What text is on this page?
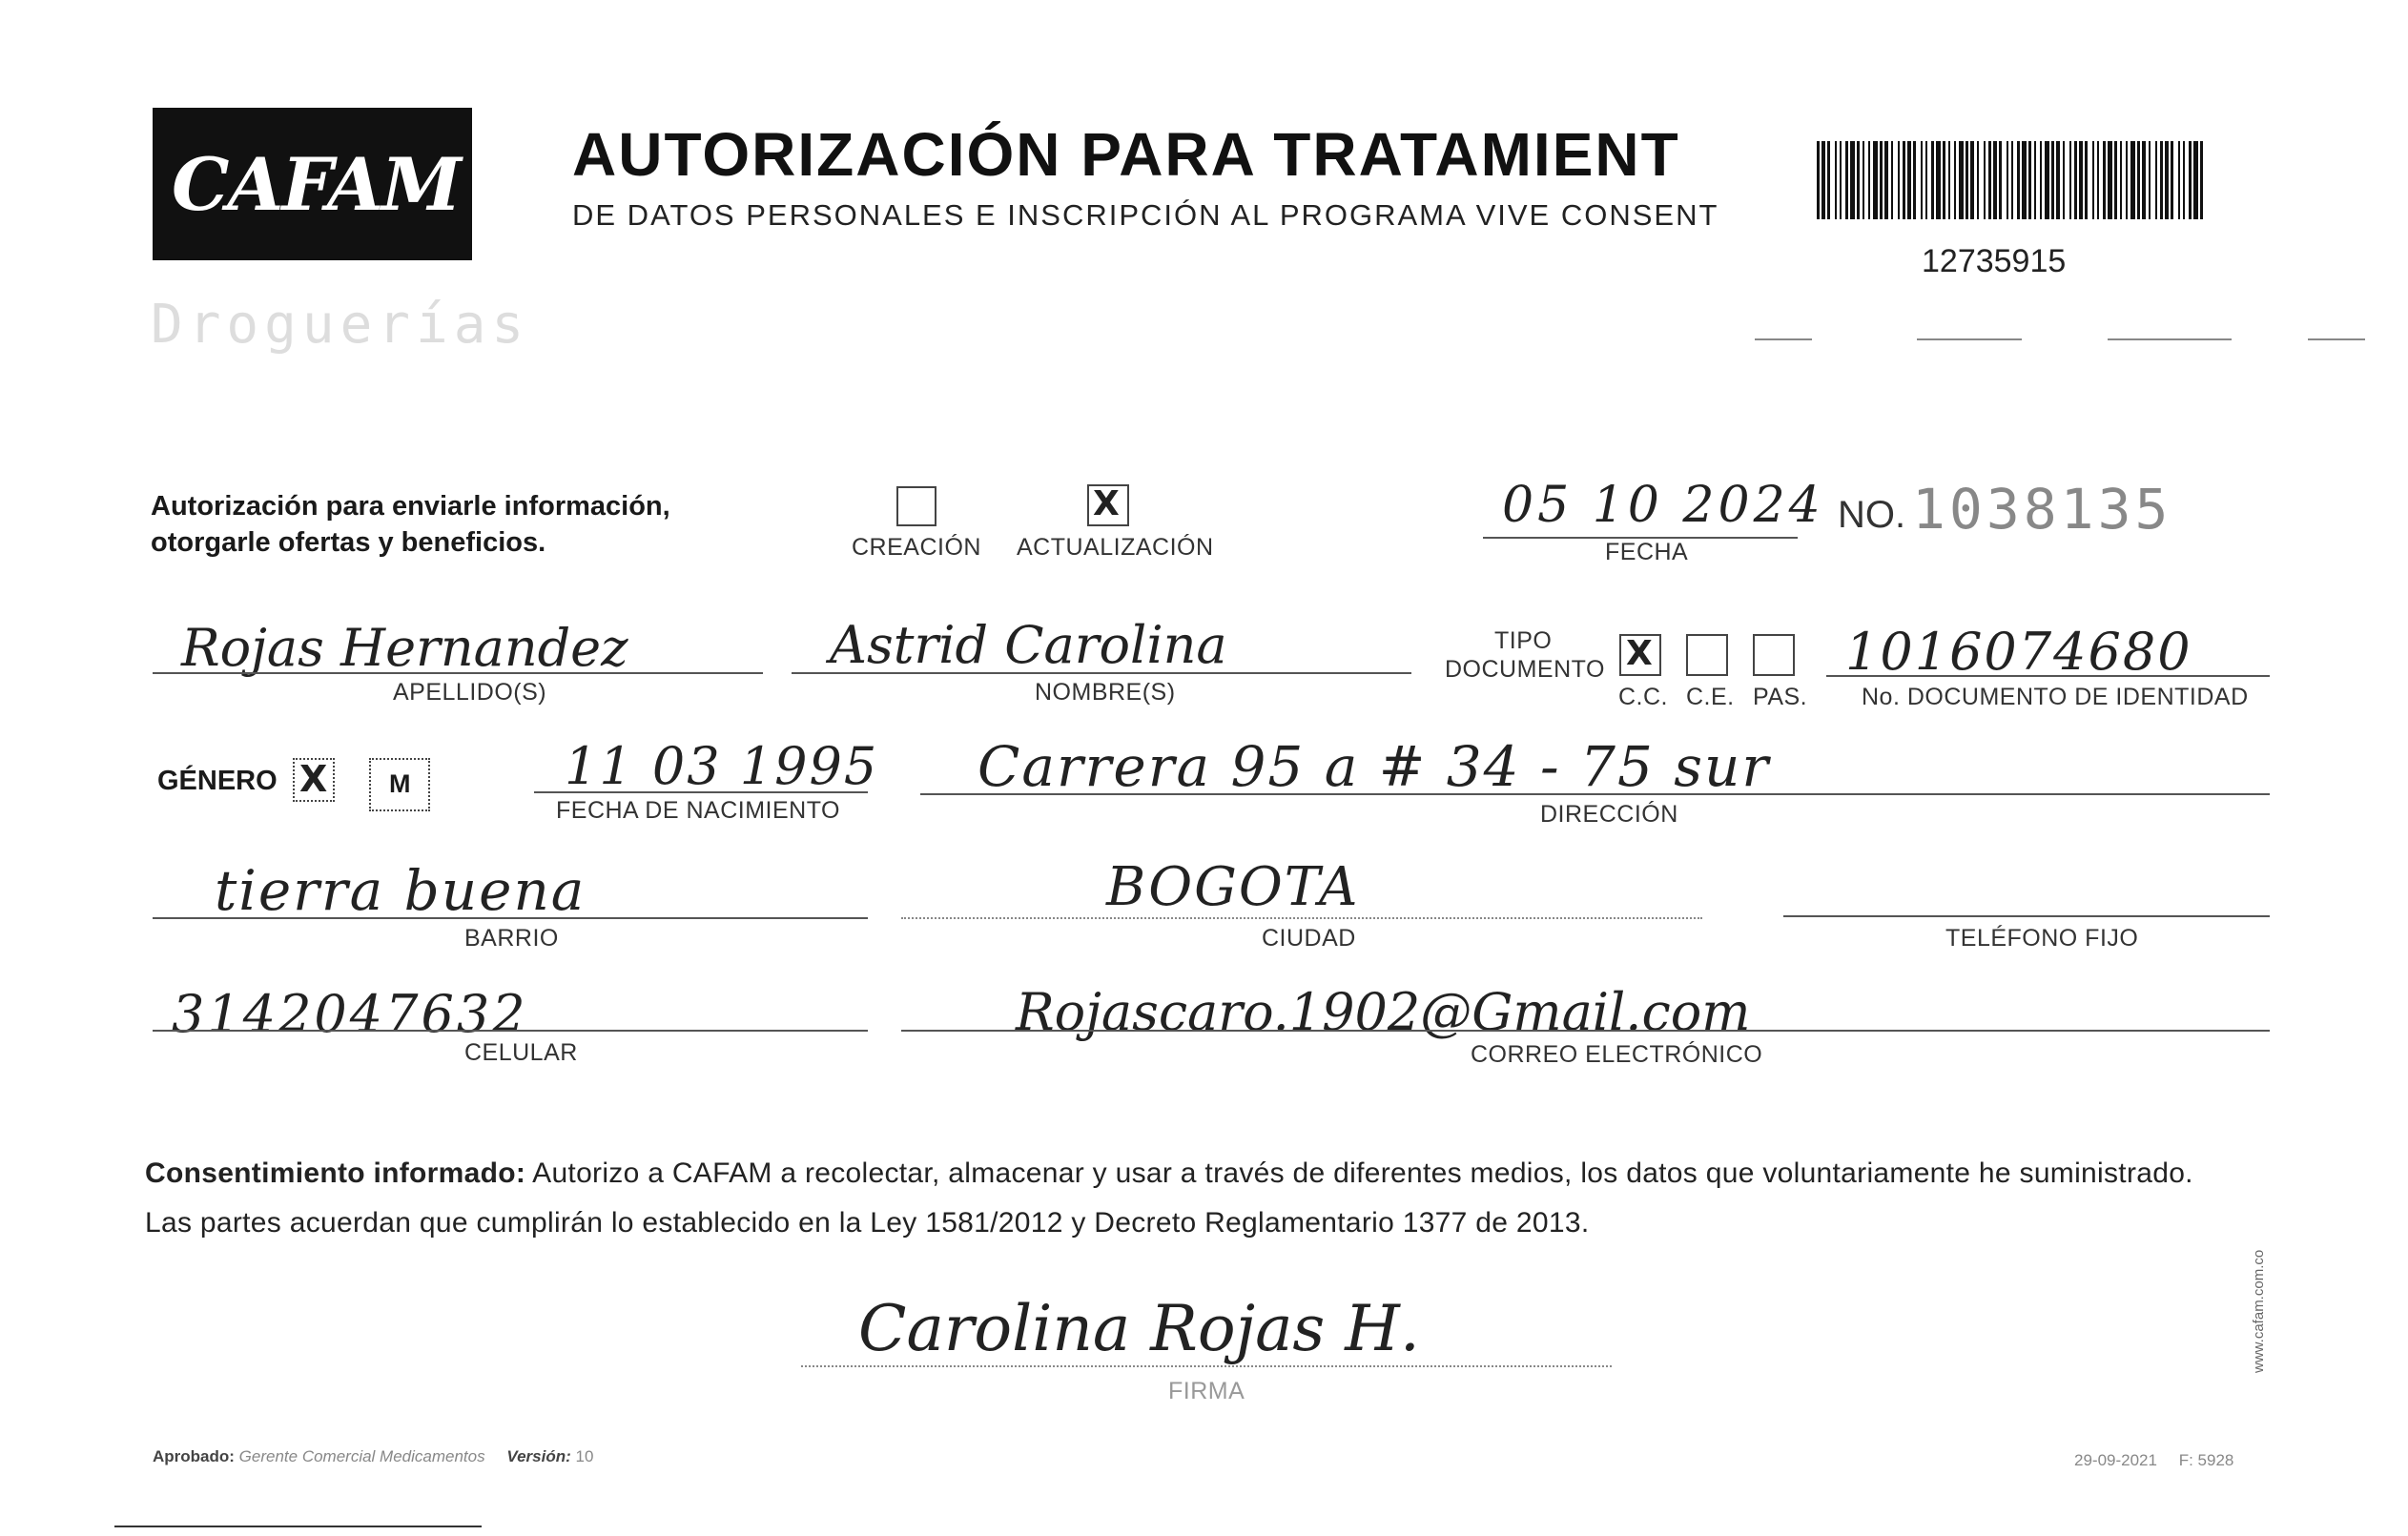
CAFAM
Droguerías
AUTORIZACIÓN PARA TRATAMIENT
DE DATOS PERSONALES E INSCRIPCIÓN AL PROGRAMA VIVE CONSENT
12735915
Autorización para enviarle información,
otorgarle ofertas y beneficios.	CREACIÓN
X
ACTUALIZACIÓN
05 10 2024
FECHA
NO. 1038135
Rojas Hernandez
APELLIDO(S)
Astrid Carolina
NOMBRE(S)
TIPO
DOCUMENTO X
C.C. C.E. PAS.
1016074680
No. DOCUMENTO DE IDENTIDAD
GÉNERO X M	11 03 1995
FECHA DE NACIMIENTO
Carrera 95 a # 34 - 75 sur
DIRECCIÓN
tierra buena
BARRIO
BOGOTA
CIUDAD	TELÉFONO FIJO
3142047632
CELULAR
Rojascaro.1902@Gmail.com
CORREO ELECTRÓNICO
Consentimiento informado: Autorizo a CAFAM a recolectar, almacenar y usar a través de diferentes medios, los datos que voluntariamente he suministrado.
Las partes acuerdan que cumplirán lo establecido en la Ley 1581/2012 y Decreto Reglamentario 1377 de 2013.
Carolina Rojas H.
FIRMA
Aprobado: Gerente Comercial Medicamentos Versión: 10	29-09-2021 F: 5928
www.cafam.com.co
